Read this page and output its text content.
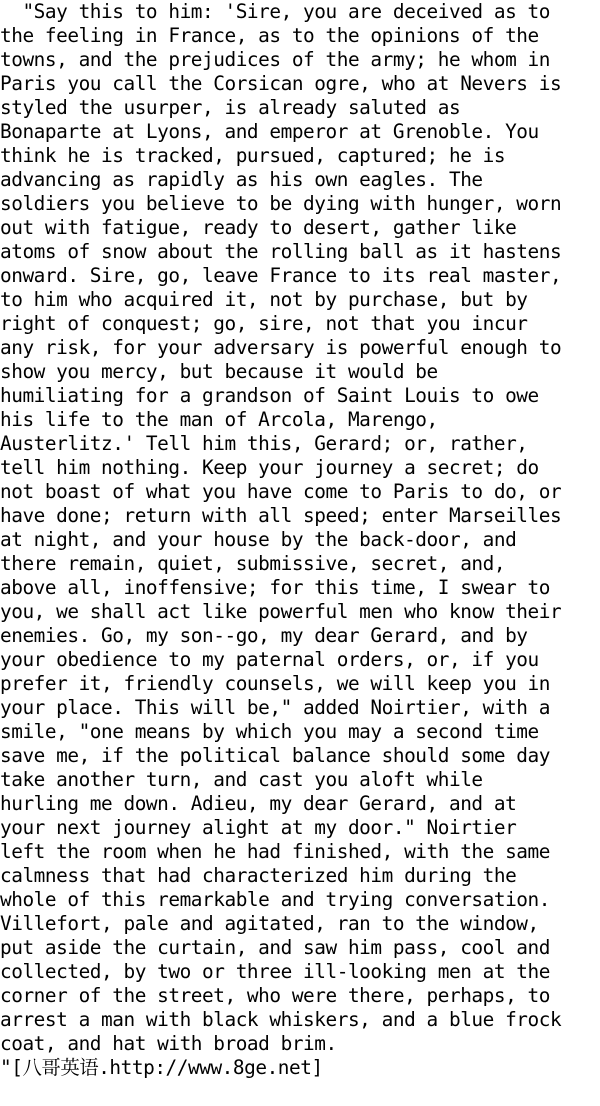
"Say this to him: 'Sire, you are deceived as to
the feeling in France, as to the opinions of the
towns, and the prejudices of the army; he whom in
Paris you call the Corsican ogre, who at Nevers is
styled the usurper, is already saluted as
Bonaparte at Lyons, and emperor at Grenoble. You
think he is tracked, pursued, captured; he is
advancing as rapidly as his own eagles. The
soldiers you believe to be dying with hunger, worn
out with fatigue, ready to desert, gather like
atoms of snow about the rolling ball as it hastens
onward. Sire, go, leave France to its real master,
to him who acquired it, not by purchase, but by
right of conquest; go, sire, not that you incur
any risk, for your adversary is powerful enough to
show you mercy, but because it would be
humiliating for a grandson of Saint Louis to owe
his life to the man of Arcola, Marengo,
Austerlitz.' Tell him this, Gerard; or, rather,
tell him nothing. Keep your journey a secret; do
not boast of what you have come to Paris to do, or
have done; return with all speed; enter Marseilles
at night, and your house by the back-door, and
there remain, quiet, submissive, secret, and,
above all, inoffensive; for this time, I swear to
you, we shall act like powerful men who know their
enemies. Go, my son--go, my dear Gerard, and by
your obedience to my paternal orders, or, if you
prefer it, friendly counsels, we will keep you in
your place. This will be," added Noirtier, with a
smile, "one means by which you may a second time
save me, if the political balance should some day
take another turn, and cast you aloft while
hurling me down. Adieu, my dear Gerard, and at
your next journey alight at my door." Noirtier
left the room when he had finished, with the same
calmness that had characterized him during the
whole of this remarkable and trying conversation.
Villefort, pale and agitated, ran to the window,
put aside the curtain, and saw him pass, cool and
collected, by two or three ill-looking men at the
corner of the street, who were there, perhaps, to
arrest a man with black whiskers, and a blue frock
coat, and hat with broad brim.
"[八哥英语.http://www.8ge.net]
